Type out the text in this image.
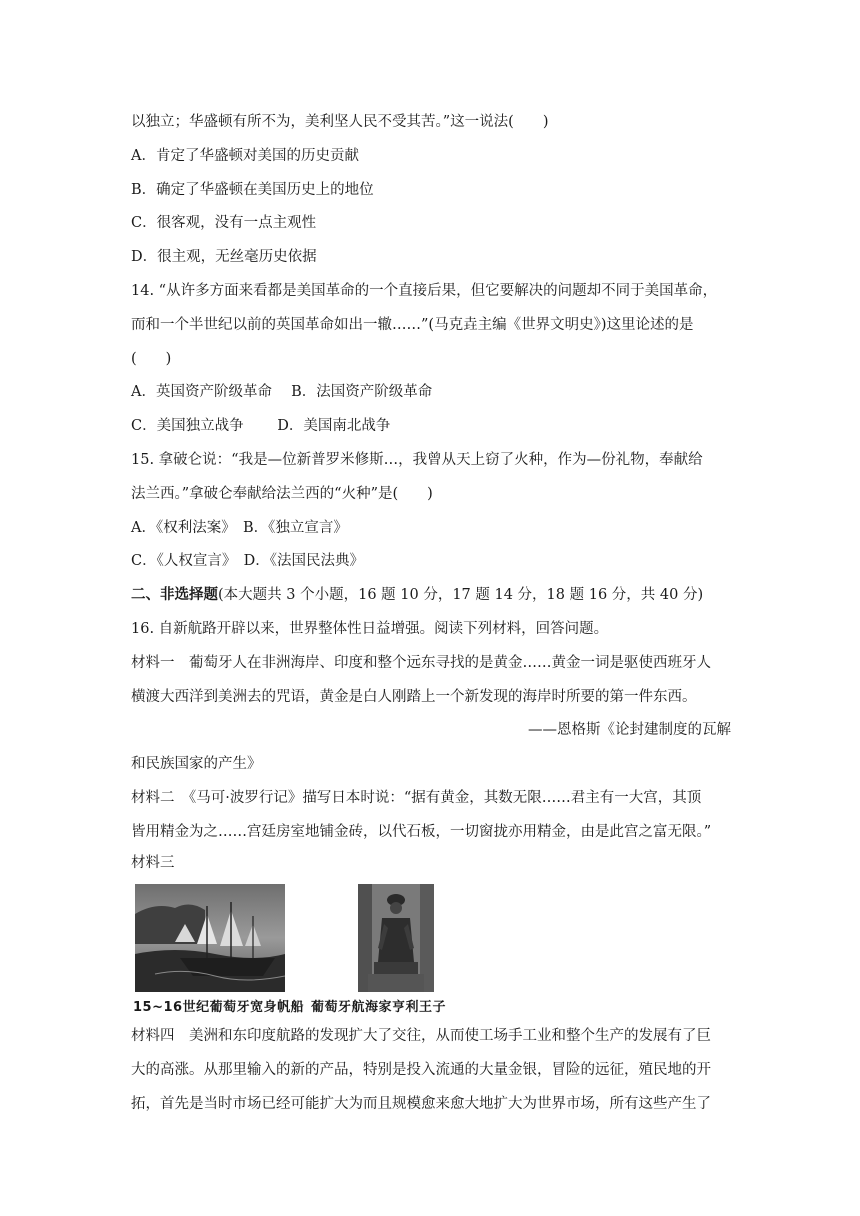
以独立；华盛顿有所不为，美利坚人民不受其苦。”这一说法(　　)
A．肯定了华盛顿对美国的历史贡献
B．确定了华盛顿在美国历史上的地位
C．很客观，没有一点主观性
D．很主观，无丝毫历史依据
14. “从许多方面来看都是美国革命的一个直接后果，但它要解决的问题却不同于美国革命，
而和一个半世纪以前的英国革命如出一辙……”(马克垚主编《世界文明史》)这里论述的是
(　　)
A．英国资产阶级革命　 B．法国资产阶级革命
C．美国独立战争　　 D．美国南北战争
15. 拿破仑说：“我是—位新普罗米修斯…，我曾从天上窃了火种，作为—份礼物，奉献给
法兰西。”拿破仑奉献给法兰西的“火种”是(　　)
A．《权利法案》　B．《独立宣言》
C．《人权宣言》　D．《法国民法典》
二、非选择题(本大题共 3 个小题，16 题 10 分，17 题 14 分，18 题 16 分，共 40 分)
16. 自新航路开辟以来，世界整体性日益增强。阅读下列材料，回答问题。
材料一　葡萄牙人在非洲海岸、印度和整个远东寻找的是黄金……黄金一词是驱使西班牙人
横渡大西洋到美洲去的咒语，黄金是白人刚踏上一个新发现的海岸时所要的第一件东西。
——恩格斯《论封建制度的瓦解
和民族国家的产生》
材料二　《马可·波罗行记》描写日本时说：“据有黄金，其数无限……君主有一大宫，其顶
皆用精金为之……宫廷房室地铺金砖，以代石板，一切窗拢亦用精金，由是此宫之富无限。”
材料三
15~16世纪葡萄牙宽身帆船 葡萄牙航海家亨利王子
材料四　美洲和东印度航路的发现扩大了交往，从而使工场手工业和整个生产的发展有了巨
大的高涨。从那里输入的新的产品，特别是投入流通的大量金银，冒险的远征，殖民地的开
拓，首先是当时市场已经可能扩大为而且规模愈来愈大地扩大为世界市场，所有这些产生了
